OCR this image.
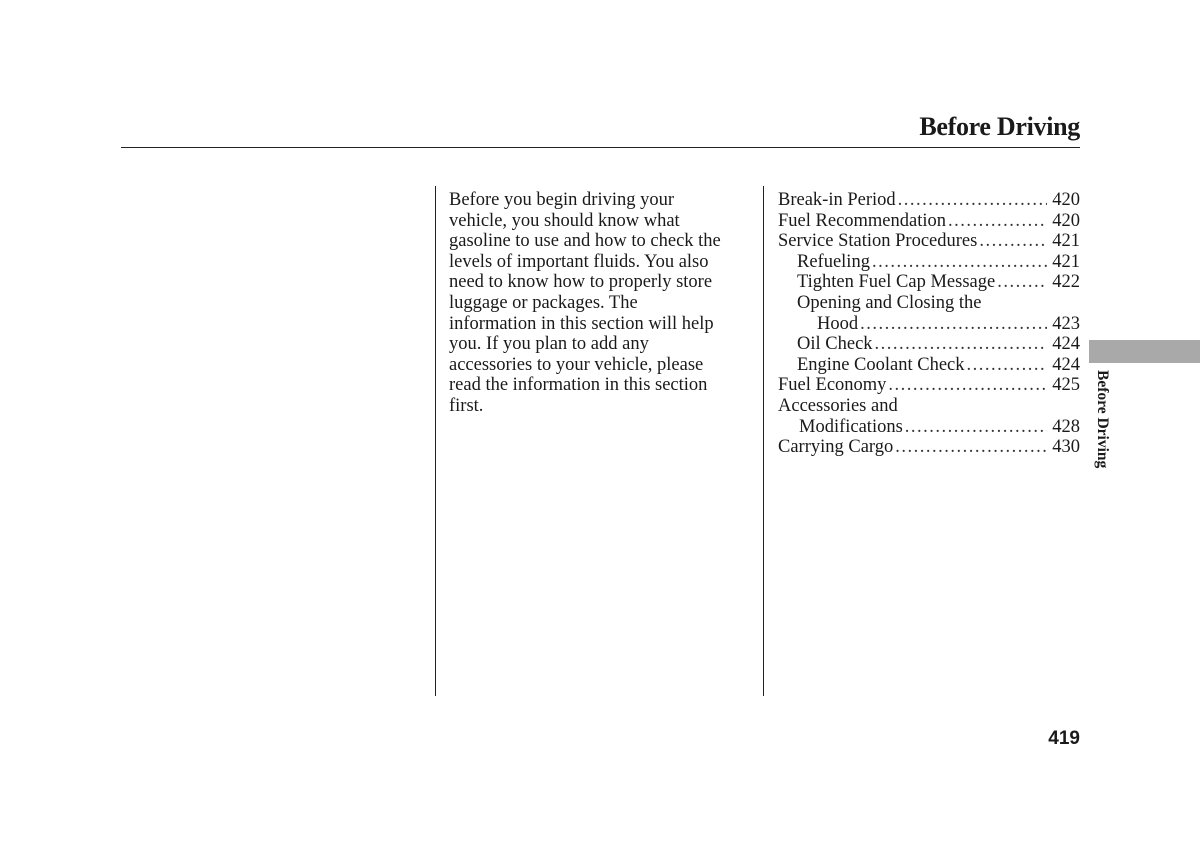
Before Driving

Before you begin driving your
vehicle, you should know what
gasoline to use and how to check the
levels of important fluids. You also
need to know how to properly store
luggage or packages. The
information in this section will help
you. If you plan to add any
accessories to your vehicle, please
read the information in this section
first.

Break-in Period .....	420
Fuel Recommendation .....	420
Service Station Procedures .....	421
Refueling .....	421
Tighten Fuel Cap Message .....	422
Opening and Closing the
Hood .....	423
Oil Check .....	424
Engine Coolant Check .....	424
Fuel Economy .....	425
Accessories and
Modifications .....	428
Carrying Cargo .....	430 Before Driving
419
